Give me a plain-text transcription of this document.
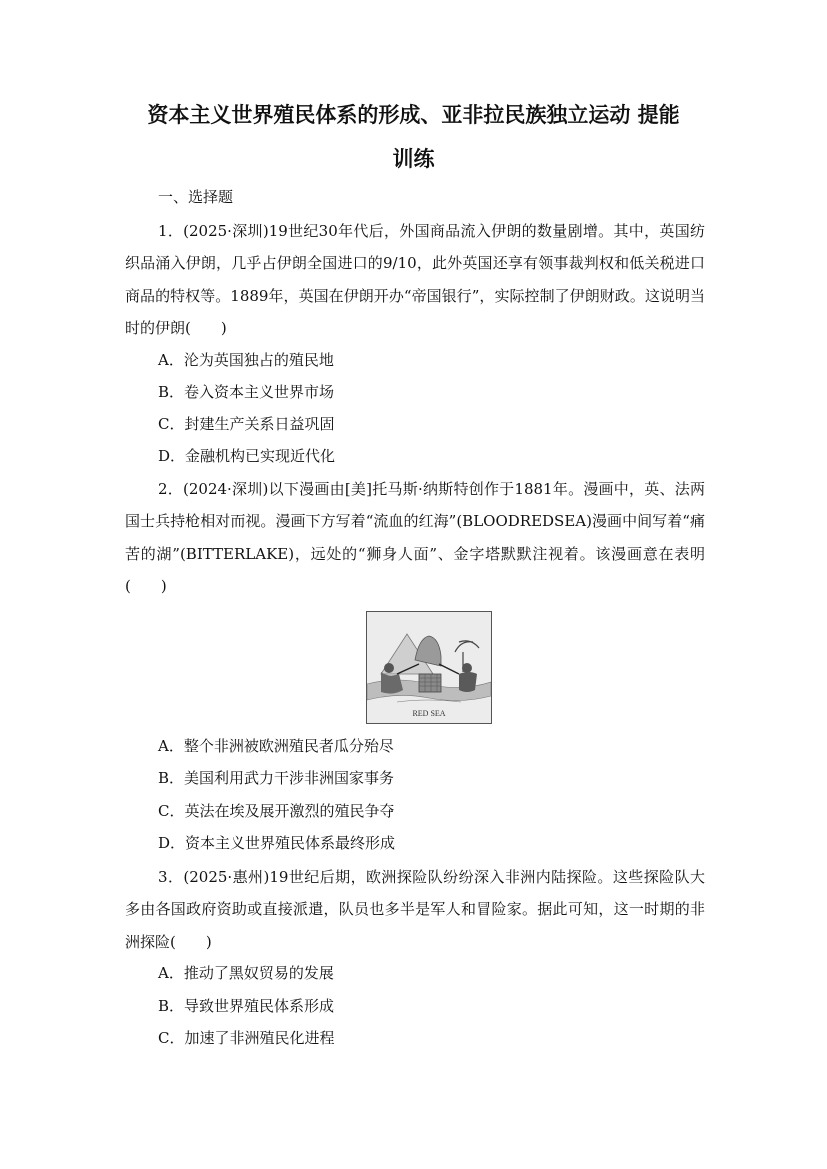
资本主义世界殖民体系的形成、亚非拉民族独立运动 提能
训练
一、选择题
1．(2025·深圳)19世纪30年代后，外国商品流入伊朗的数量剧增。其中，英国纺织品涌入伊朗，几乎占伊朗全国进口的9/10，此外英国还享有领事裁判权和低关税进口商品的特权等。1889年，英国在伊朗开办“帝国银行”，实际控制了伊朗财政。这说明当时的伊朗(　　)
A．沦为英国独占的殖民地
B．卷入资本主义世界市场
C．封建生产关系日益巩固
D．金融机构已实现近代化
2．(2024·深圳)以下漫画由[美]托马斯·纳斯特创作于1881年。漫画中，英、法两国士兵持枪相对而视。漫画下方写着“流血的红海”(BLOODREDSEA)漫画中间写着“痛苦的湖”(BITTERLAKE)，远处的“狮身人面”、金字塔默默注视着。该漫画意在表明(　　)
RED SEA
A．整个非洲被欧洲殖民者瓜分殆尽
B．美国利用武力干涉非洲国家事务
C．英法在埃及展开激烈的殖民争夺
D．资本主义世界殖民体系最终形成
3．(2025·惠州)19世纪后期，欧洲探险队纷纷深入非洲内陆探险。这些探险队大多由各国政府资助或直接派遣，队员也多半是军人和冒险家。据此可知，这一时期的非洲探险(　　)
A．推动了黑奴贸易的发展
B．导致世界殖民体系形成
C．加速了非洲殖民化进程
